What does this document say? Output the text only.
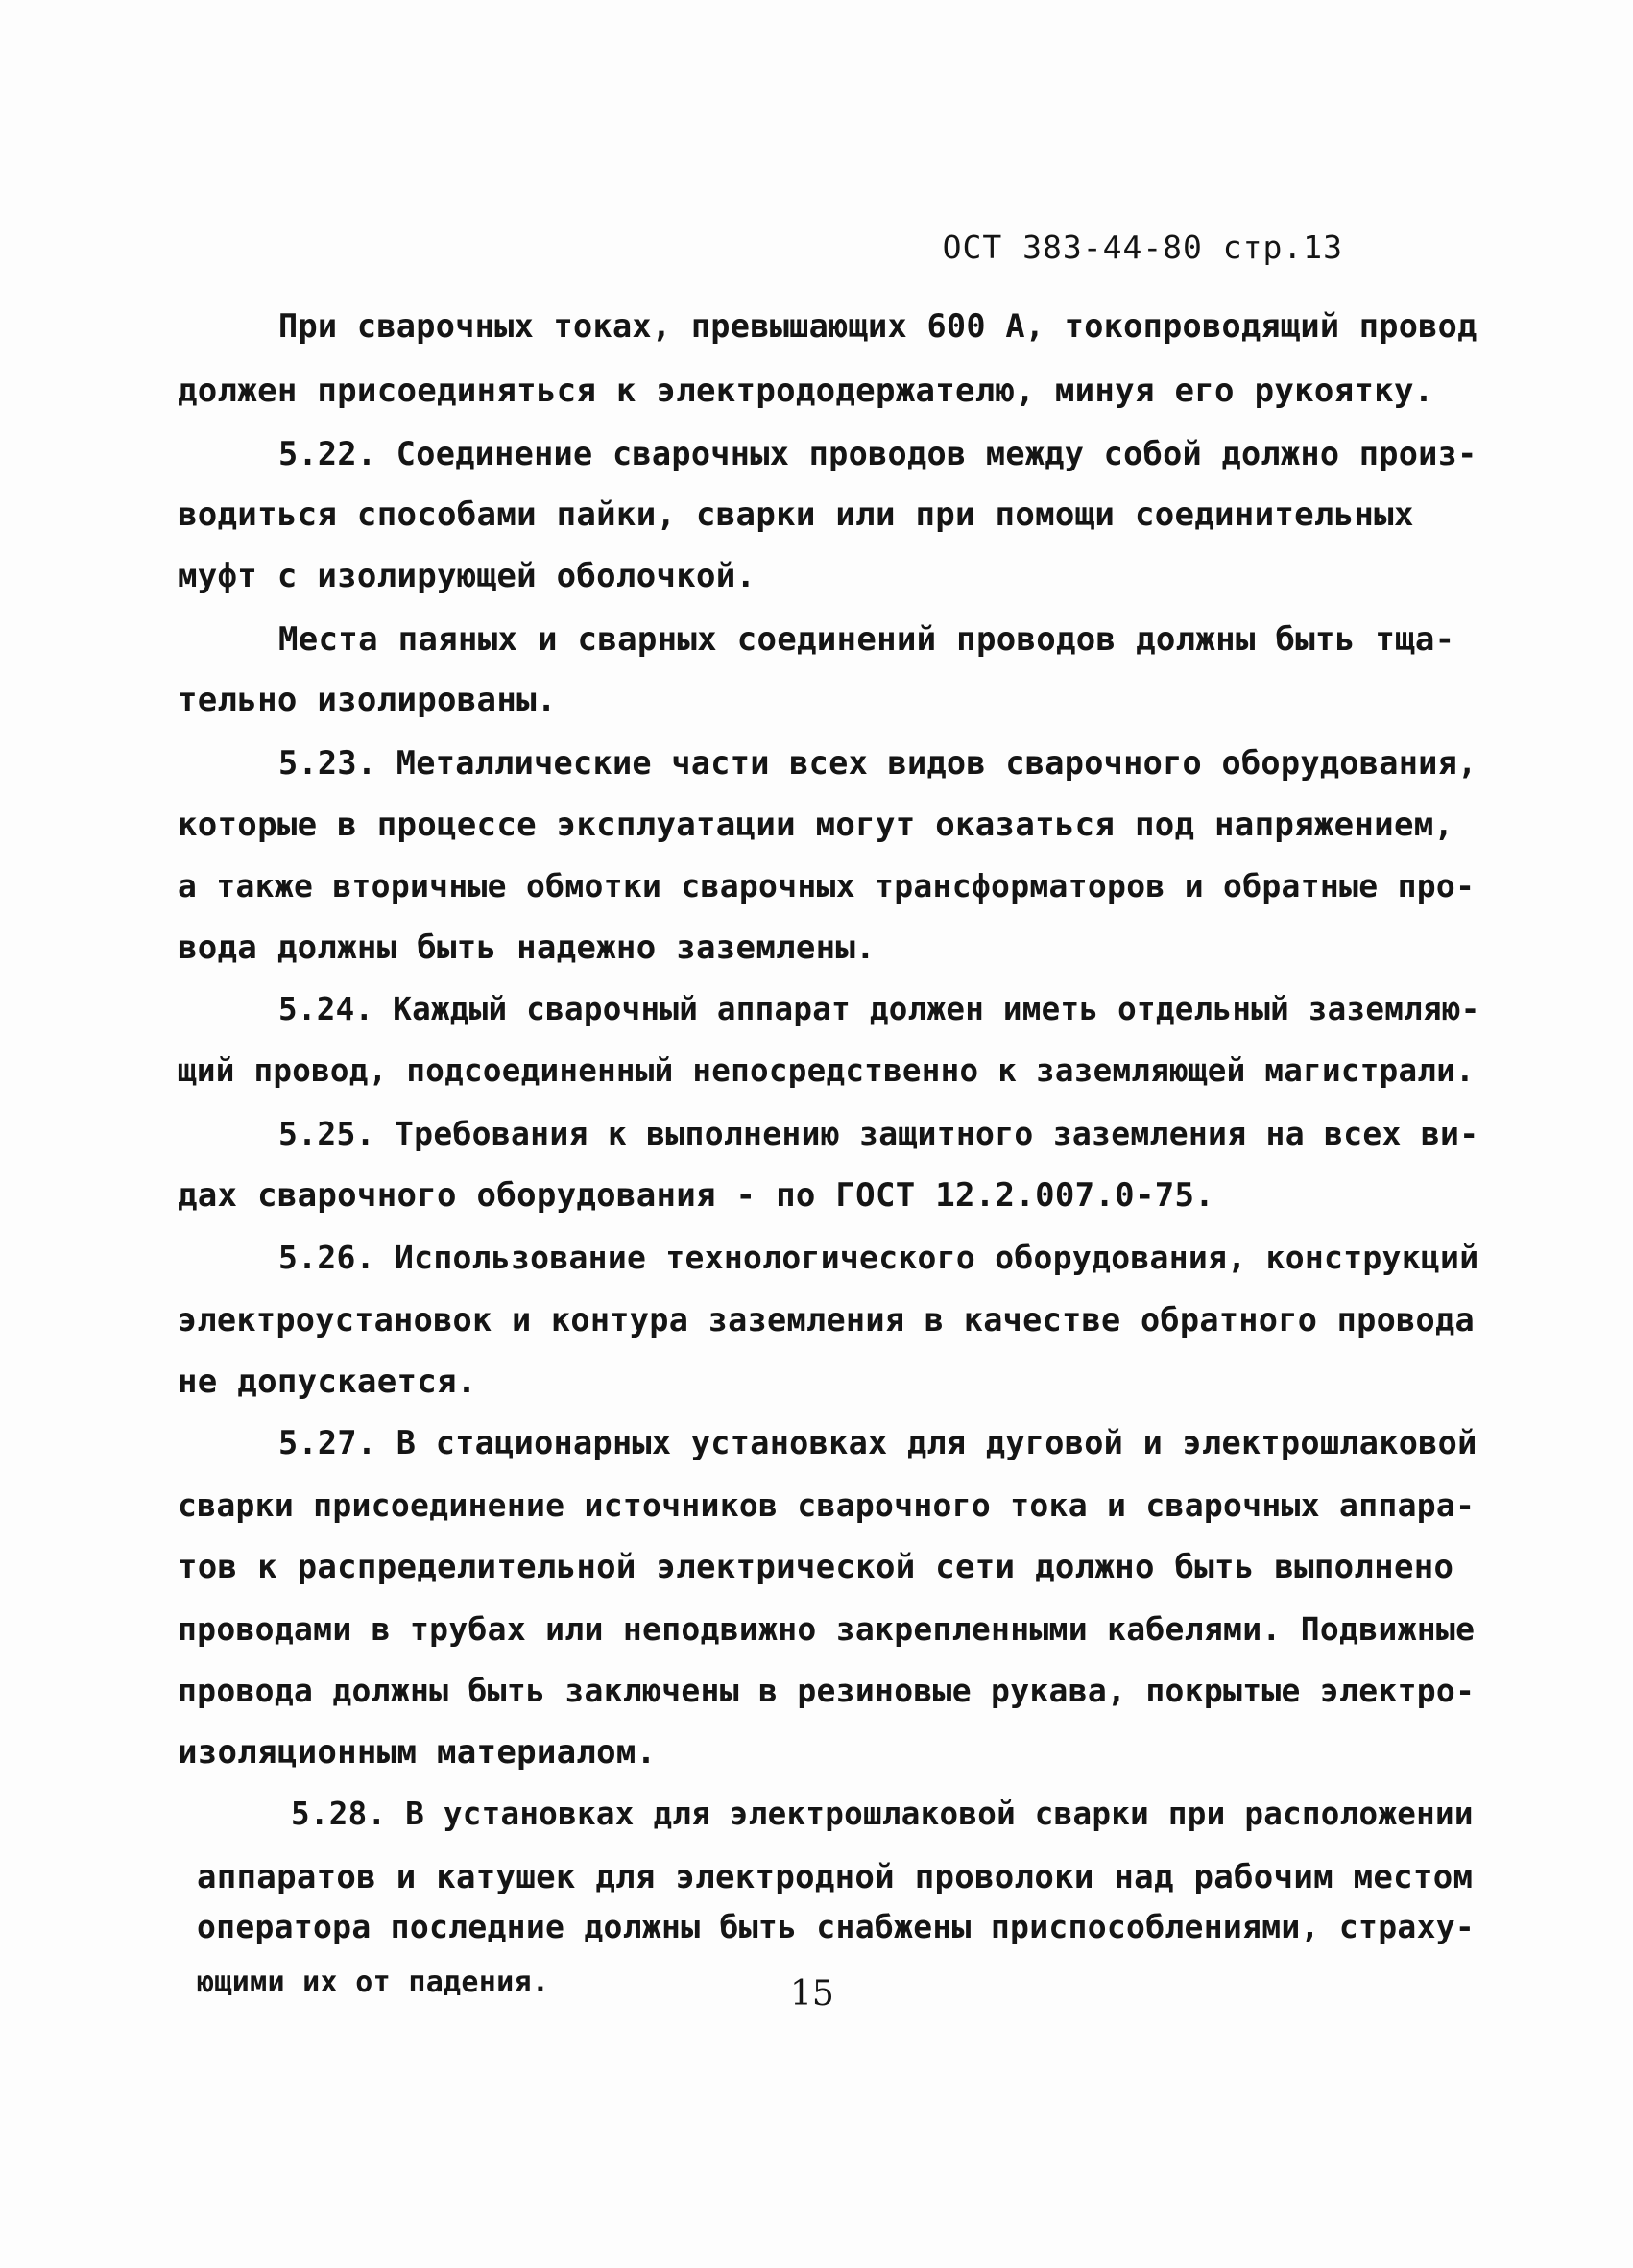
ОСТ 383-44-80 стр.13
При сварочных токах, превышающих 600 А, токопроводящий провод
должен присоединяться к электрододержателю, минуя его рукоятку.
5.22. Соединение сварочных проводов между собой должно произ-
водиться способами пайки, сварки или при помощи соединительных
муфт с изолирующей оболочкой.
Места паяных и сварных соединений проводов должны быть тща-
тельно изолированы.
5.23. Металлические части всех видов сварочного оборудования,
которые в процессе эксплуатации могут оказаться под напряжением,
а также вторичные обмотки сварочных трансформаторов и обратные про-
вода должны быть надежно заземлены.
5.24. Каждый сварочный аппарат должен иметь отдельный заземляю-
щий провод, подсоединенный непосредственно к заземляющей магистрали.
5.25. Требования к выполнению защитного заземления на всех ви-
дах сварочного оборудования - по ГОСТ 12.2.007.0-75.
5.26. Использование технологического оборудования, конструкций
электроустановок и контура заземления в качестве обратного провода
не допускается.
5.27. В стационарных установках для дуговой и электрошлаковой
сварки присоединение источников сварочного тока и сварочных аппара-
тов к распределительной электрической сети должно быть выполнено
проводами в трубах или неподвижно закрепленными кабелями. Подвижные
провода должны быть заключены в резиновые рукава, покрытые электро-
изоляционным материалом.
5.28. В установках для электрошлаковой сварки при расположении
аппаратов и катушек для электродной проволоки над рабочим местом
оператора последние должны быть снабжены приспособлениями, страху-
ющими их от падения.	15
